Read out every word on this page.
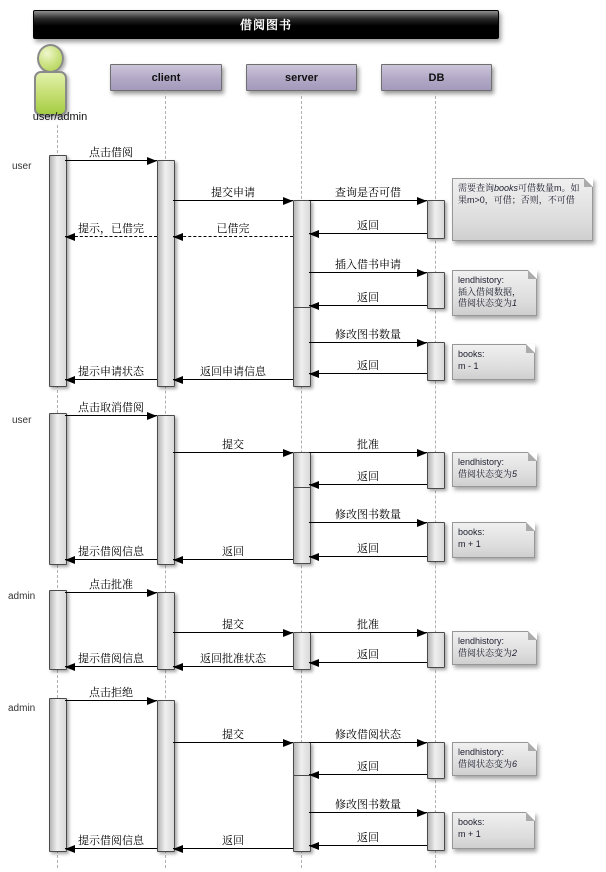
借阅图书
user/admin
client	server	DB
user
user
admin
admin
点击借阅
提交申请	查询是否可借
返回
已借完
提示，已借完
插入借书申请
返回
修改图书数量
返回
返回申请信息
提示申请状态
点击取消借阅
提交	批准
返回
修改图书数量
返回
返回
提示借阅信息
点击批准
提交	批准
返回
返回批准状态
提示借阅信息
点击拒绝
提交	修改借阅状态
返回
修改图书数量
返回
返回
提示借阅信息
需要查询books可借数量m。如果m>0，可借；否则，不可借
lendhistory:
插入借阅数据，
借阅状态变为1
books:
m - 1
lendhistory:
借阅状态变为5
books:
m + 1
lendhistory:
借阅状态变为2
lendhistory:
借阅状态变为6
books:
m + 1
